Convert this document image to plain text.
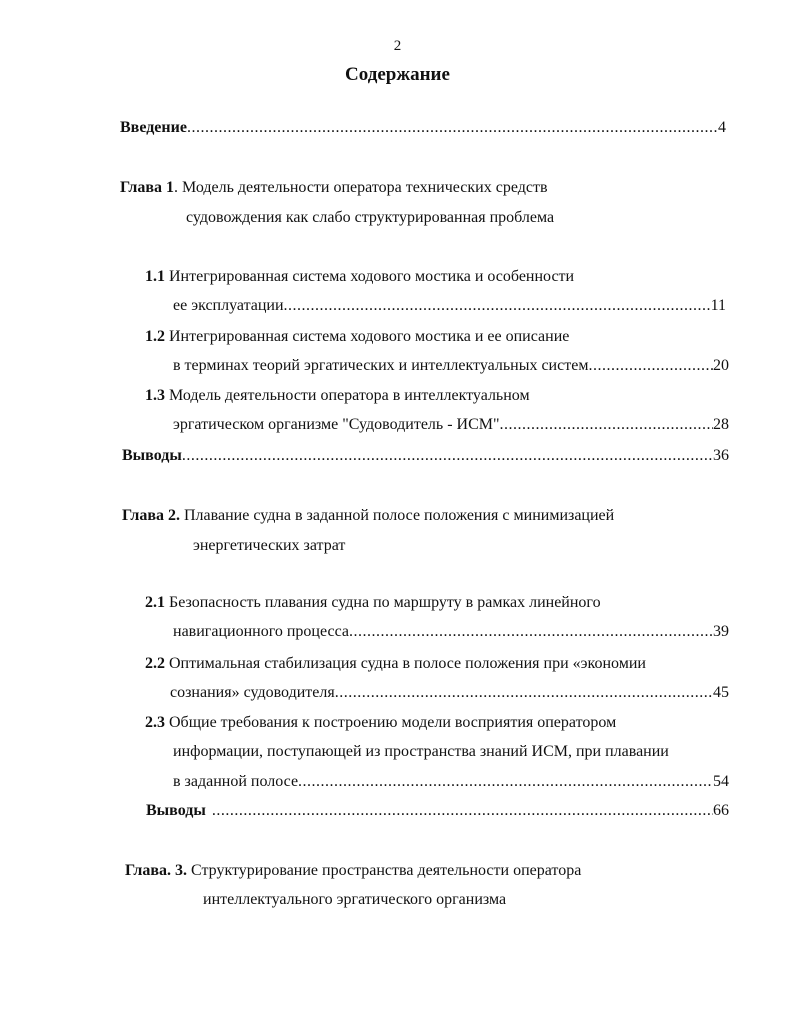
2
Содержание
Введение .....	4
Глава 1. Модель деятельности оператора технических средств
судовождения как слабо структурированная проблема
1.1 Интегрированная система ходового мостика и особенности
ее эксплуатации .....	11
1.2 Интегрированная система ходового мостика и ее описание
в терминах теорий эргатических и интеллектуальных систем .....	20
1.3 Модель деятельности оператора в интеллектуальном
эргатическом организме "Судоводитель - ИСМ" .....	28
Выводы .....	36
Глава 2. Плавание судна в заданной полосе положения с минимизацией
энергетических затрат
2.1 Безопасность плавания судна по маршруту в рамках линейного
навигационного процесса .....	39
2.2 Оптимальная стабилизация судна в полосе положения при «экономии
сознания» судоводителя .....	45
2.3 Общие требования к построению модели восприятия оператором
информации, поступающей из пространства знаний ИСМ, при плавании
в заданной полосе .....	54
Выводы .....	66
Глава. 3. Структурирование пространства деятельности оператора
интеллектуального эргатического организма
